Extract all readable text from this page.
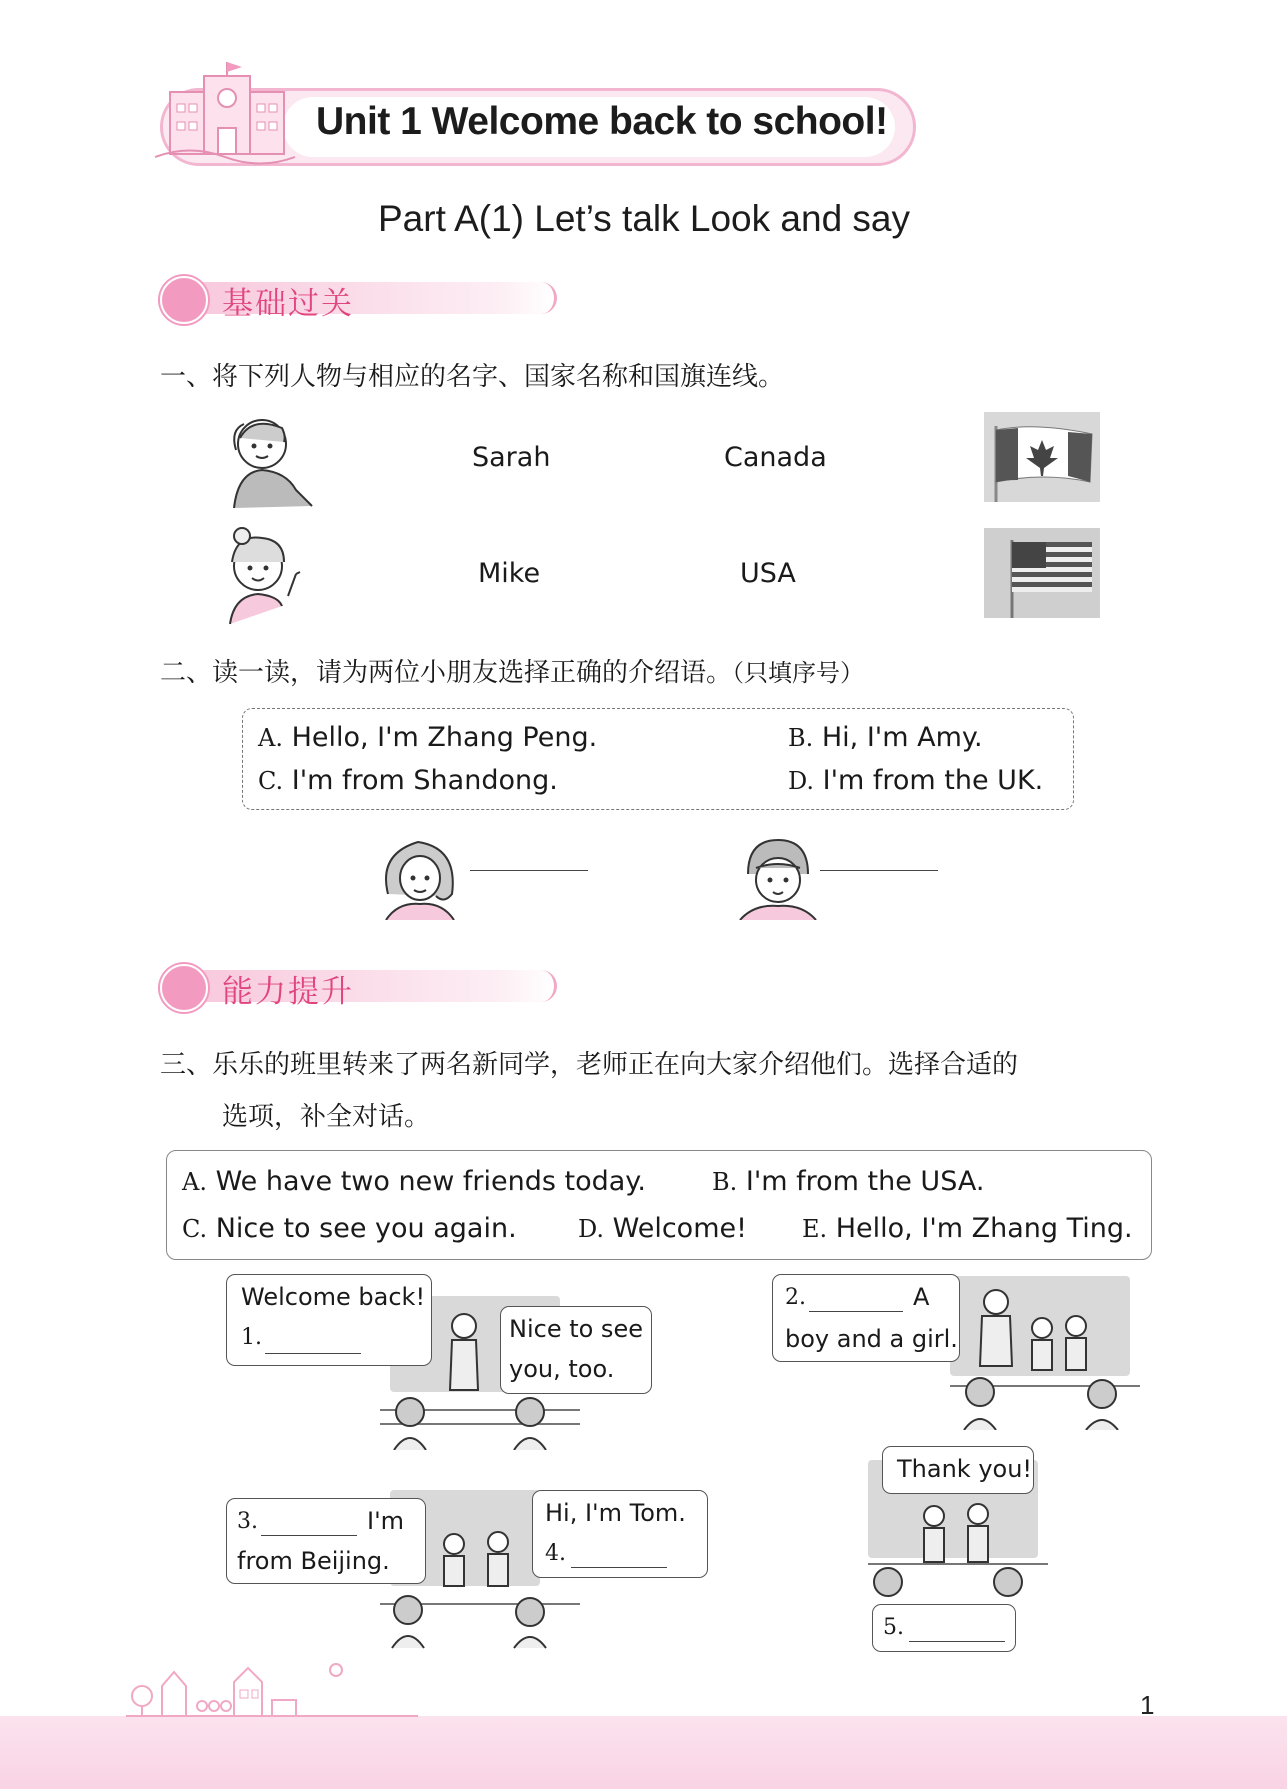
Unit 1 Welcome back to school!
Part A(1) Let’s talk Look and say
基础过关
一、将下列人物与相应的名字、国家名称和国旗连线。
Sarah	Canada
Mike	USA
二、读一读，请为两位小朋友选择正确的介绍语。（只填序号）
A. Hello, I'm Zhang Peng.	B. Hi, I'm Amy.
C. I'm from Shandong.	D. I'm from the UK.
能力提升
三、乐乐的班里转来了两名新同学，老师正在向大家介绍他们。选择合适的
选项，补全对话。
A. We have two new friends today.	B. I'm from the USA.
C. Nice to see you again.	D. Welcome! E. Hello, I'm Zhang Ting.
Welcome back!
1.	Nice to see
you, too.
2.	A
boy and a girl.
3.	I'm
from Beijing.
Hi, I'm Tom.
4.
Thank you!
5.
1
